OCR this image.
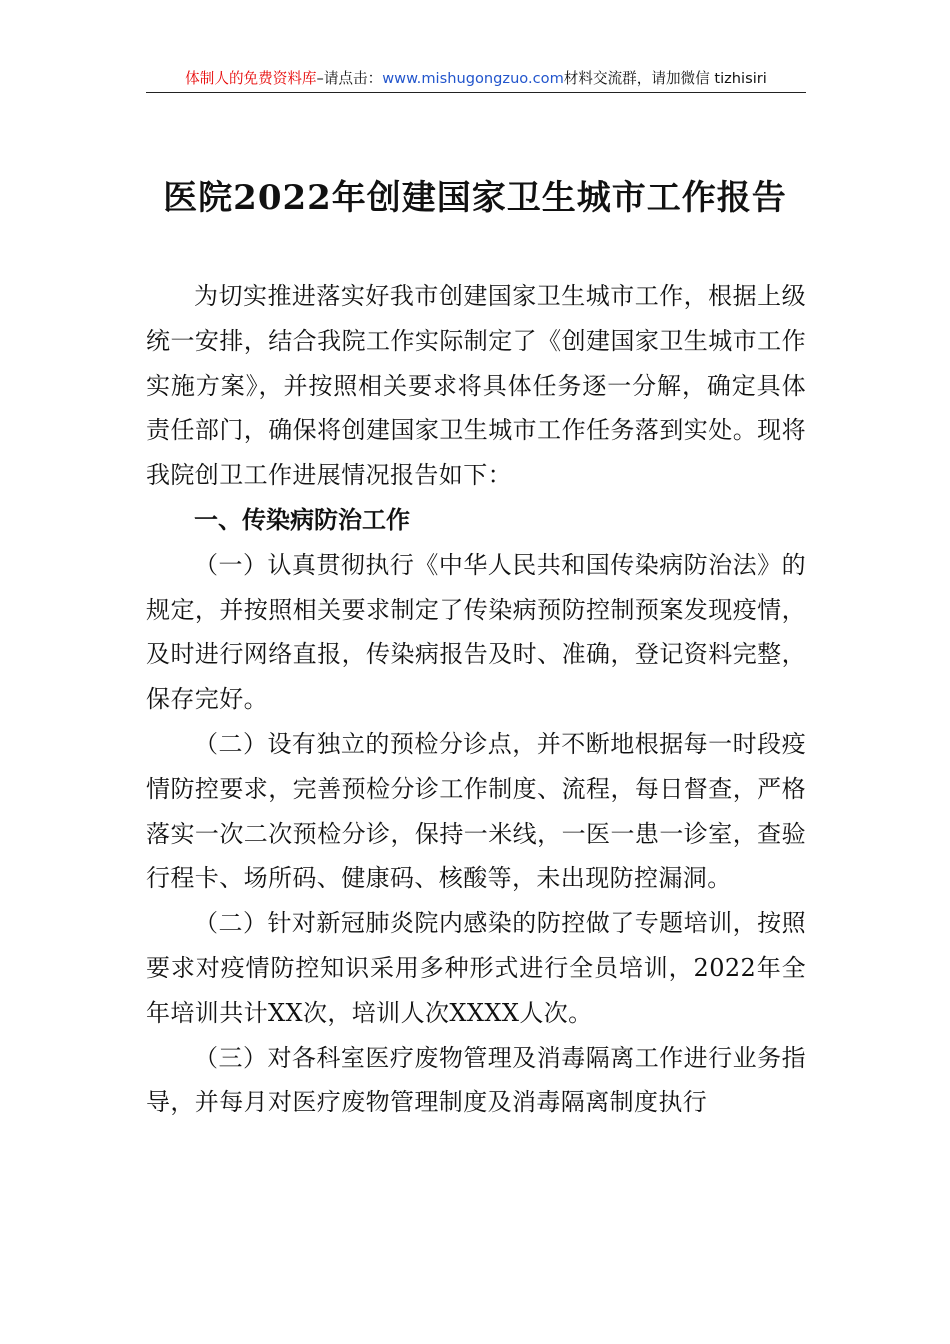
体制人的免费资料库–请点击：www.mishugongzuo.com材料交流群，请加微信 tizhisiri
医院2022年创建国家卫生城市工作报告

为切实推进落实好我市创建国家卫生城市工作，根据上级统一安排，结合我院工作实际制定了《创建国家卫生城市工作实施方案》，并按照相关要求将具体任务逐一分解，确定具体责任部门，确保将创建国家卫生城市工作任务落到实处。现将我院创卫工作进展情况报告如下：

一、传染病防治工作

（一）认真贯彻执行《中华人民共和国传染病防治法》的规定，并按照相关要求制定了传染病预防控制预案发现疫情，及时进行网络直报，传染病报告及时、准确，登记资料完整，保存完好。

（二）设有独立的预检分诊点，并不断地根据每一时段疫情防控要求，完善预检分诊工作制度、流程，每日督查，严格落实一次二次预检分诊，保持一米线，一医一患一诊室，查验行程卡、场所码、健康码、核酸等，未出现防控漏洞。

（二）针对新冠肺炎院内感染的防控做了专题培训，按照要求对疫情防控知识采用多种形式进行全员培训，2022年全年培训共计XX次，培训人次XXXX人次。

（三）对各科室医疗废物管理及消毒隔离工作进行业务指导，并每月对医疗废物管理制度及消毒隔离制度执行
